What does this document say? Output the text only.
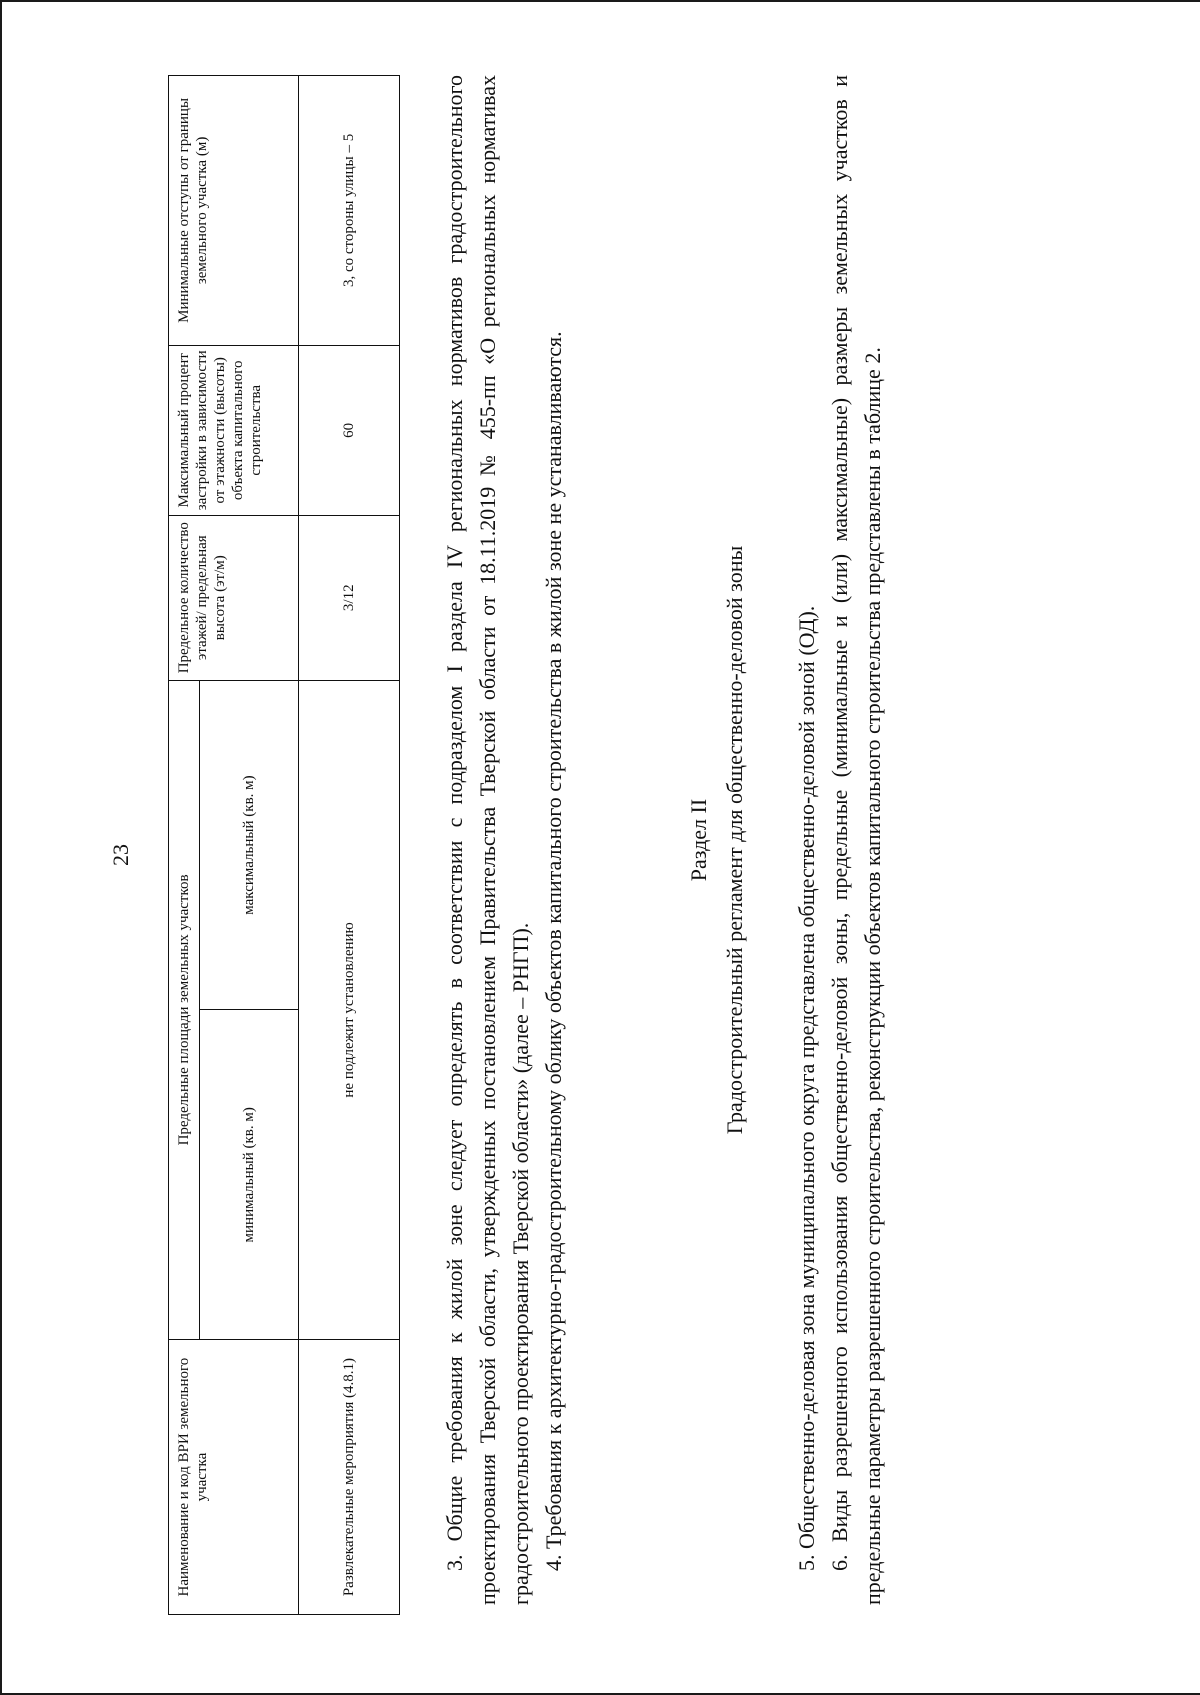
23
Наименование и код ВРИ земельного участка	Предельные площади земельных участков		Предельное количество этажей/ предельная высота (эт/м)	Максимальный процент застройки в зависимости от этажности (высоты) объекта капитального строительства	Минимальные отступы от границы земельного участка (м)
	минимальный (кв. м)	максимальный (кв. м)			
Развлекательные мероприятия (4.8.1)	не подлежит установлению		3/12	60	3, со стороны улицы – 5	3. Общие требования к жилой зоне следует определять в соответствии с подразделом I раздела IV региональных нормативов градостроительного проектирования Тверской области, утвержденных постановлением Правительства Тверской области от 18.11.2019 № 455-пп «О региональных нормативах градостроительного проектирования Тверской области» (далее – РНГП). 4. Требования к архитектурно-градостроительному облику объектов капитального строительства в жилой зоне не устанавливаются.	Раздел II Градостроительный регламент для общественно-деловой зоны 5. Общественно-деловая зона муниципального округа представлена общественно-деловой зоной (ОД). 6. Виды разрешенного использования общественно-деловой зоны, предельные (минимальные и (или) максимальные) размеры земельных участков и предельные параметры разрешенного строительства, реконструкции объектов капитального строительства представлены в таблице 2.
